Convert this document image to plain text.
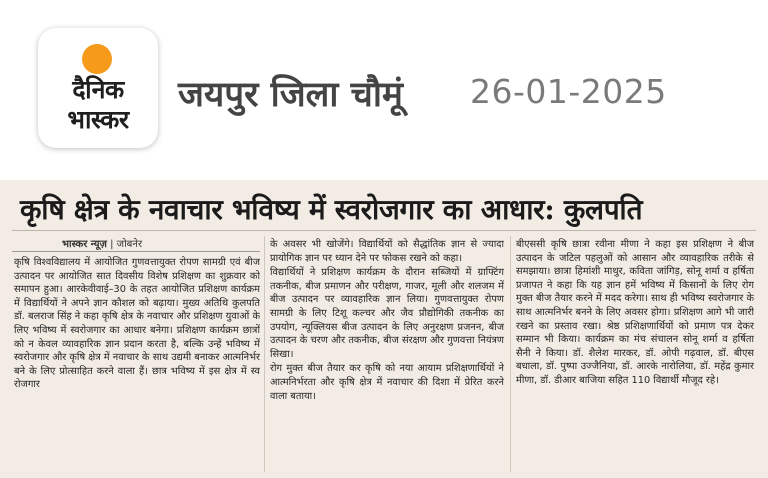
दैनिक
भास्कर
जयपुर जिला चौमूं 26-01-2025
कृषि क्षेत्र के नवाचार भविष्य में स्वरोजगार का आधार: कुलपति
भास्कर न्यूज़ | जोबनेर

कृषि विश्वविद्यालय में आयोजित गुणवत्तायुक्त रोपण सामग्री एवं बीज उत्पादन पर आयोजित सात दिवसीय विशेष प्रशिक्षण का शुक्रवार को समापन हुआ। आरकेवीवाई–30 के तहत आयोजित प्रशिक्षण कार्यक्रम में विद्यार्थियों ने अपने ज्ञान कौशल को बढ़ाया। मुख्य अतिथि कुलपति डॉ. बलराज सिंह ने कहा कृषि क्षेत्र के नवाचार और प्रशिक्षण युवाओं के लिए भविष्य में स्वरोजगार का आधार बनेगा। प्रशिक्षण कार्यक्रम छात्रों को न केवल व्यावहारिक ज्ञान प्रदान करता है, बल्कि उन्हें भविष्य में स्वरोजगार और कृषि क्षेत्र में नवाचार के साथ उद्यमी बनाकर आत्मनिर्भर बने के लिए प्रोत्साहित करने वाला हैं। छात्र भविष्य में इस क्षेत्र में स्व रोजगार

के अवसर भी खोजेंगे। विद्यार्थियों को सैद्धांतिक ज्ञान से ज्यादा प्रायोगिक ज्ञान पर ध्यान देने पर फोकस रखने को कहा।

विद्यार्थियों ने प्रशिक्षण कार्यक्रम के दौरान सब्जियों में ग्राफ्टिंग तकनीक, बीज प्रमाणन और परीक्षण, गाजर, मूली और शलजम में बीज उत्पादन पर व्यावहारिक ज्ञान लिया। गुणवत्तायुक्त रोपण सामग्री के लिए टिशू कल्चर और जैव प्रौद्योगिकी तकनीक का उपयोग, न्यूक्लियस बीज उत्पादन के लिए अनुरक्षण प्रजनन, बीज उत्पादन के चरण और तकनीक, बीज संरक्षण और गुणवत्ता नियंत्रण सिखा।

रोग मुक्त बीज तैयार कर कृषि को नया आयाम प्रशिक्षणार्थियों ने आत्मनिर्भरता और कृषि क्षेत्र में नवाचार की दिशा में प्रेरित करने वाला बताया।

बीएससी कृषि छात्रा रवीना मीणा ने कहा इस प्रशिक्षण ने बीज उत्पादन के जटिल पहलुओं को आसान और व्यावहारिक तरीके से समझाया। छात्रा हिमांशी माथुर, कविता जांगिड़, सोनू शर्मा व हर्षिता प्रजापत ने कहा कि यह ज्ञान हमें भविष्य में किसानों के लिए रोग मुक्त बीज तैयार करने में मदद करेगा। साथ ही भविष्य स्वरोजगार के साथ आत्मनिर्भर बनने के लिए अवसर होगा। प्रशिक्षण आगे भी जारी रखने का प्रस्ताव रखा। श्रेष्ठ प्रशिक्षणार्थियों को प्रमाण पत्र देकर सम्मान भी किया। कार्यक्रम का मंच संचालन सोनू शर्मा व हर्षिता सैनी ने किया। डॉ. शैलेश मारकर, डॉ. ओपी गढ़वाल, डॉ. बीएस बधाला, डॉ. पुष्पा उज्जैनिया, डॉ. आरके नारोलिया, डॉ. महेंद्र कुमार मीणा, डॉ. डीआर बाजिया सहित 110 विद्यार्थी मौजूद रहे।
